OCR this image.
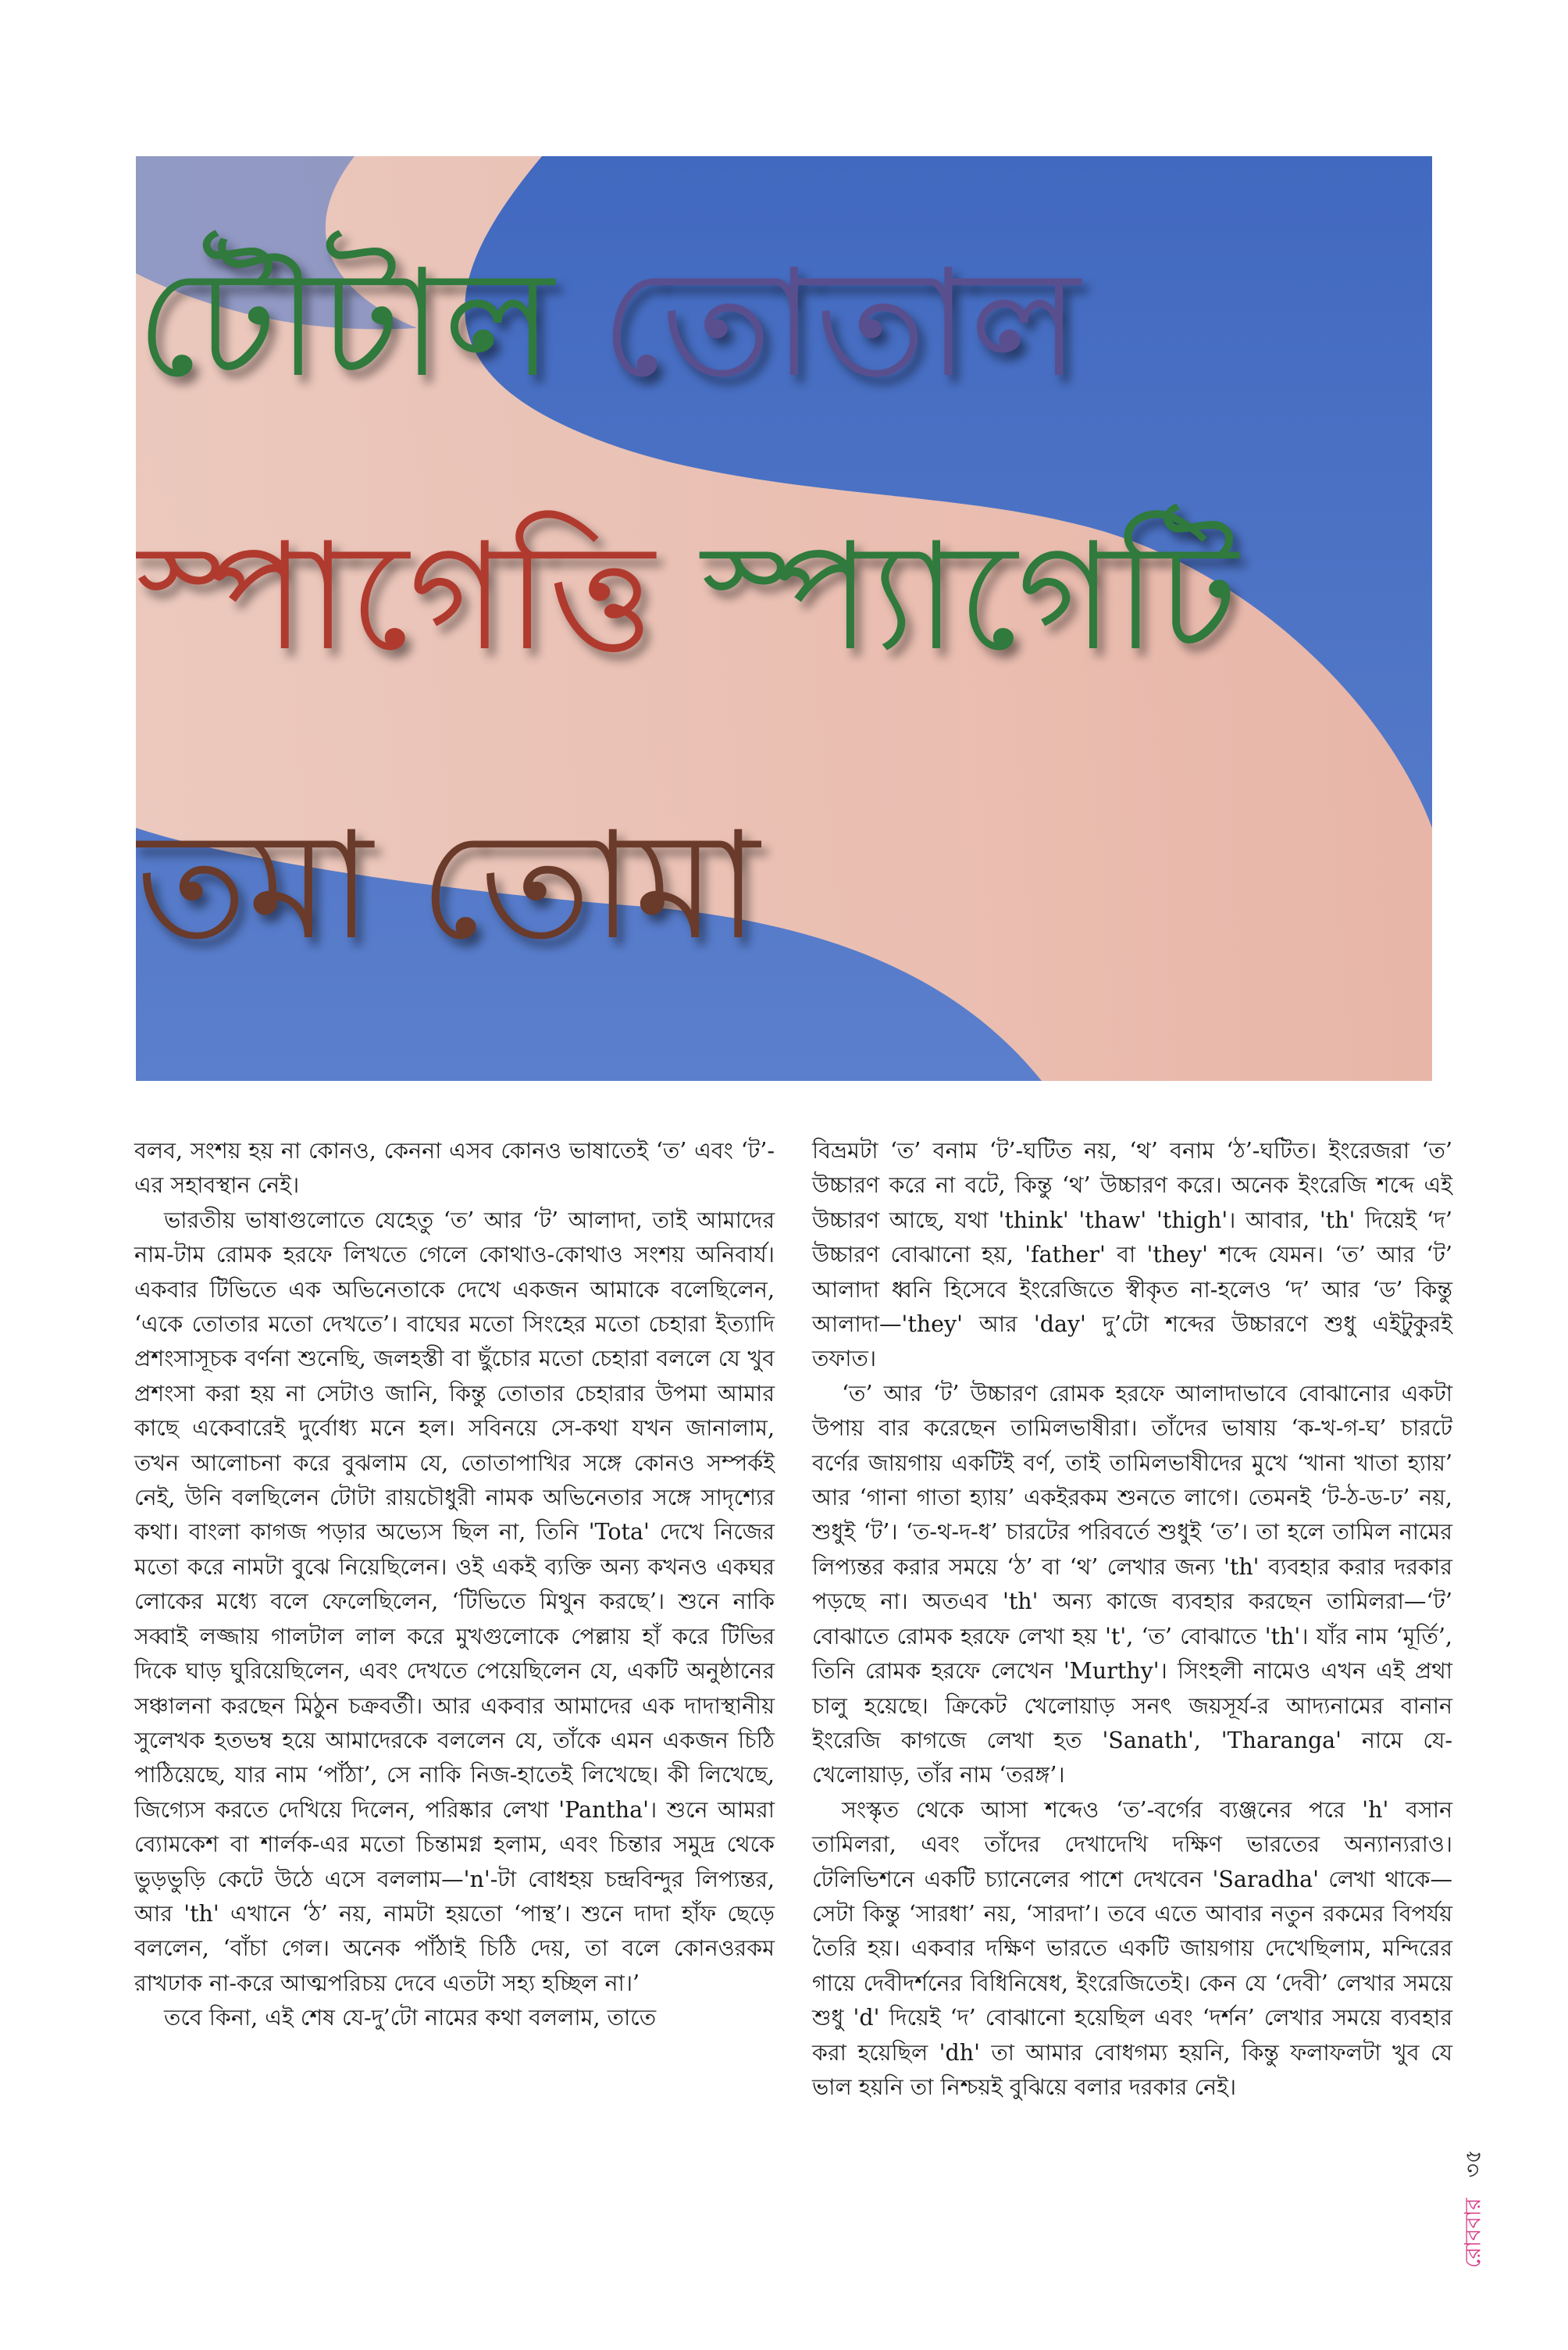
টৌটাল তোতাল
স্পাগেত্তি স্প্যাগেটি
তমা তোমা

বলব, সংশয় হয় না কোনও, কেননা এসব কোনও ভাষাতেই ‘ত’ এবং ‘ট’-এর সহাবস্থান নেই।

ভারতীয় ভাষাগুলোতে যেহেতু ‘ত’ আর ‘ট’ আলাদা, তাই আমাদের নাম-টাম রোমক হরফে লিখতে গেলে কোথাও-কোথাও সংশয় অনিবার্য। একবার টিভিতে এক অভিনেতাকে দেখে একজন আমাকে বলেছিলেন, ‘একে তোতার মতো দেখতে’। বাঘের মতো সিংহের মতো চেহারা ইত্যাদি প্রশংসাসূচক বর্ণনা শুনেছি, জলহস্তী বা ছুঁচোর মতো চেহারা বললে যে খুব প্রশংসা করা হয় না সেটাও জানি, কিন্তু তোতার চেহারার উপমা আমার কাছে একেবারেই দুর্বোধ্য মনে হল। সবিনয়ে সে-কথা যখন জানালাম, তখন আলোচনা করে বুঝলাম যে, তোতাপাখির সঙ্গে কোনও সম্পর্কই নেই, উনি বলছিলেন টোটা রায়চৌধুরী নামক অভিনেতার সঙ্গে সাদৃশ্যের কথা। বাংলা কাগজ পড়ার অভ্যেস ছিল না, তিনি 'Tota' দেখে নিজের মতো করে নামটা বুঝে নিয়েছিলেন। ওই একই ব্যক্তি অন্য কখনও একঘর লোকের মধ্যে বলে ফেলেছিলেন, ‘টিভিতে মিথুন করছে’। শুনে নাকি সব্বাই লজ্জায় গালটাল লাল করে মুখগুলোকে পেল্লায় হাঁ করে টিভির দিকে ঘাড় ঘুরিয়েছিলেন, এবং দেখতে পেয়েছিলেন যে, একটি অনুষ্ঠানের সঞ্চালনা করছেন মিঠুন চক্রবর্তী। আর একবার আমাদের এক দাদাস্থানীয় সুলেখক হতভম্ব হয়ে আমাদেরকে বললেন যে, তাঁকে এমন একজন চিঠি পাঠিয়েছে, যার নাম ‘পাঁঠা’, সে নাকি নিজ-হাতেই লিখেছে। কী লিখেছে, জিগ্যেস করতে দেখিয়ে দিলেন, পরিষ্কার লেখা 'Pantha'। শুনে আমরা ব্যোমকেশ বা শার্লক-এর মতো চিন্তামগ্ন হলাম, এবং চিন্তার সমুদ্র থেকে ভুড়ভুড়ি কেটে উঠে এসে বললাম—'n'-টা বোধহয় চন্দ্রবিন্দুর লিপ্যন্তর, আর 'th' এখানে ‘ঠ’ নয়, নামটা হয়তো ‘পান্থ’। শুনে দাদা হাঁফ ছেড়ে বললেন, ‘বাঁচা গেল। অনেক পাঁঠাই চিঠি দেয়, তা বলে কোনওরকম রাখঢাক না-করে আত্মপরিচয় দেবে এতটা সহ্য হচ্ছিল না।’

তবে কিনা, এই শেষ যে-দু’টো নামের কথা বললাম, তাতে

বিভ্রমটা ‘ত’ বনাম ‘ট’-ঘটিত নয়, ‘থ’ বনাম ‘ঠ’-ঘটিত। ইংরেজরা ‘ত’ উচ্চারণ করে না বটে, কিন্তু ‘থ’ উচ্চারণ করে। অনেক ইংরেজি শব্দে এই উচ্চারণ আছে, যথা 'think' 'thaw' 'thigh'। আবার, 'th' দিয়েই ‘দ’ উচ্চারণ বোঝানো হয়, 'father' বা 'they' শব্দে যেমন। ‘ত’ আর ‘ট’ আলাদা ধ্বনি হিসেবে ইংরেজিতে স্বীকৃত না-হলেও ‘দ’ আর ‘ড’ কিন্তু আলাদা—'they' আর 'day' দু’টো শব্দের উচ্চারণে শুধু এইটুকুরই তফাত।

‘ত’ আর ‘ট’ উচ্চারণ রোমক হরফে আলাদাভাবে বোঝানোর একটা উপায় বার করেছেন তামিলভাষীরা। তাঁদের ভাষায় ‘ক-খ-গ-ঘ’ চারটে বর্ণের জায়গায় একটিই বর্ণ, তাই তামিলভাষীদের মুখে ‘খানা খাতা হ্যায়’ আর ‘গানা গাতা হ্যায়’ একইরকম শুনতে লাগে। তেমনই ‘ট-ঠ-ড-ঢ’ নয়, শুধুই ‘ট’। ‘ত-থ-দ-ধ’ চারটের পরিবর্তে শুধুই ‘ত’। তা হলে তামিল নামের লিপ্যন্তর করার সময়ে ‘ঠ’ বা ‘থ’ লেখার জন্য 'th' ব্যবহার করার দরকার পড়ছে না। অতএব 'th' অন্য কাজে ব্যবহার করছেন তামিলরা—‘ট’ বোঝাতে রোমক হরফে লেখা হয় 't', ‘ত’ বোঝাতে 'th'। যাঁর নাম ‘মূর্তি’, তিনি রোমক হরফে লেখেন 'Murthy'। সিংহলী নামেও এখন এই প্রথা চালু হয়েছে। ক্রিকেট খেলোয়াড় সনৎ জয়সূর্য-র আদ্যনামের বানান ইংরেজি কাগজে লেখা হত 'Sanath', 'Tharanga' নামে যে-খেলোয়াড়, তাঁর নাম ‘তরঙ্গ’।

সংস্কৃত থেকে আসা শব্দেও ‘ত’-বর্গের ব্যঞ্জনের পরে 'h' বসান তামিলরা, এবং তাঁদের দেখাদেখি দক্ষিণ ভারতের অন্যান্যরাও। টেলিভিশনে একটি চ্যানেলের পাশে দেখবেন 'Saradha' লেখা থাকে—সেটা কিন্তু ‘সারধা’ নয়, ‘সারদা’। তবে এতে আবার নতুন রকমের বিপর্যয় তৈরি হয়। একবার দক্ষিণ ভারতে একটি জায়গায় দেখেছিলাম, মন্দিরের গায়ে দেবীদর্শনের বিধিনিষেধ, ইংরেজিতেই। কেন যে ‘দেবী’ লেখার সময়ে শুধু 'd' দিয়েই ‘দ’ বোঝানো হয়েছিল এবং ‘দর্শন’ লেখার সময়ে ব্যবহার করা হয়েছিল 'dh' তা আমার বোধগম্য হয়নি, কিন্তু ফলাফলটা খুব যে ভাল হয়নি তা নিশ্চয়ই বুঝিয়ে বলার দরকার নেই।

রোববার৩৫
